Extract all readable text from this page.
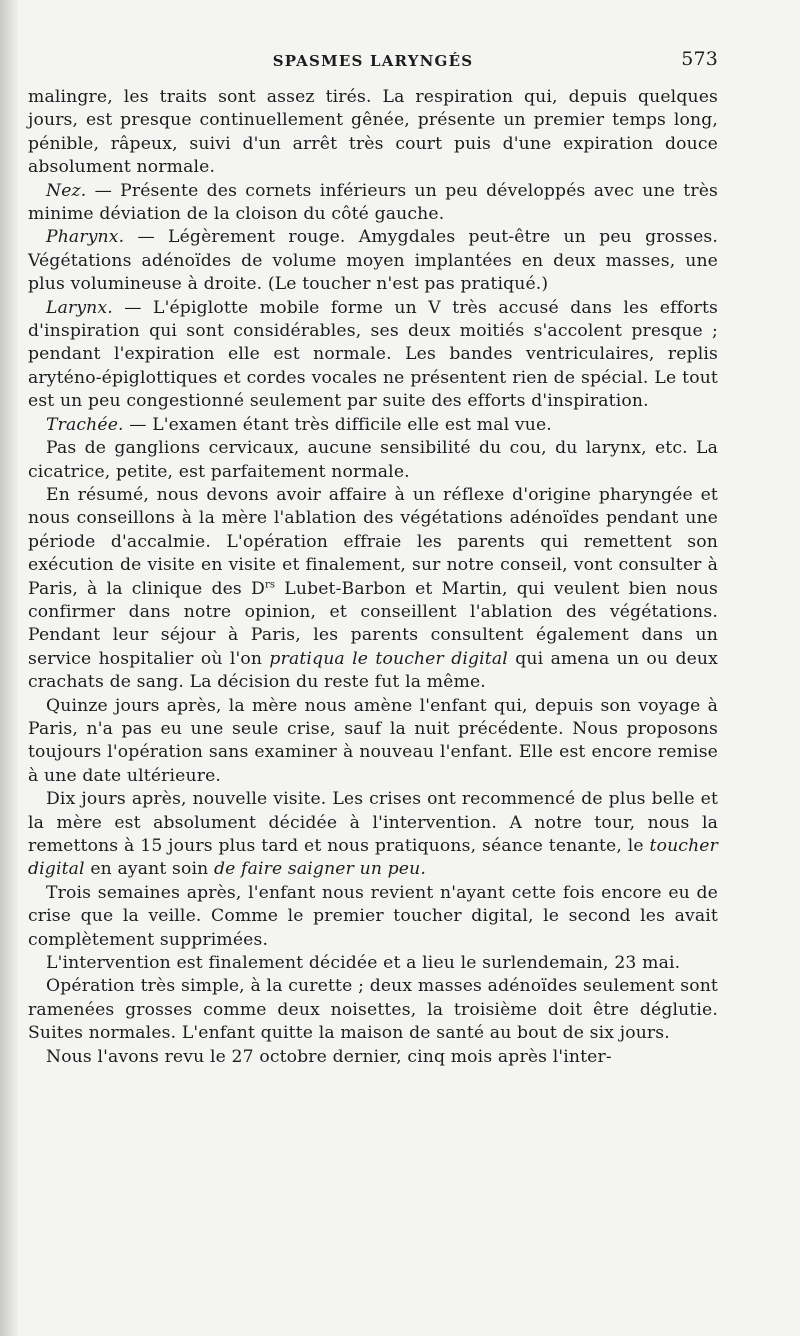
SPASMES LARYNGÉS	573

malingre, les traits sont assez tirés. La respiration qui, depuis quelques jours, est presque continuellement gênée, présente un premier temps long, pénible, râpeux, suivi d'un arrêt très court puis d'une expiration douce absolument normale.

Nez. — Présente des cornets inférieurs un peu développés avec une très minime déviation de la cloison du côté gauche.

Pharynx. — Légèrement rouge. Amygdales peut-être un peu grosses. Végétations adénoïdes de volume moyen implantées en deux masses, une plus volumineuse à droite. (Le toucher n'est pas pratiqué.)

Larynx. — L'épiglotte mobile forme un V très accusé dans les efforts d'inspiration qui sont considérables, ses deux moitiés s'accolent presque ; pendant l'expiration elle est normale. Les bandes ventriculaires, replis aryténo-épiglottiques et cordes vocales ne présentent rien de spécial. Le tout est un peu congestionné seulement par suite des efforts d'inspiration.

Trachée. — L'examen étant très difficile elle est mal vue.

Pas de ganglions cervicaux, aucune sensibilité du cou, du larynx, etc. La cicatrice, petite, est parfaitement normale.

En résumé, nous devons avoir affaire à un réflexe d'origine pharyngée et nous conseillons à la mère l'ablation des végétations adénoïdes pendant une période d'accalmie. L'opération effraie les parents qui remettent son exécution de visite en visite et finalement, sur notre conseil, vont consulter à Paris, à la clinique des $D^{rs}$ Lubet-Barbon et Martin, qui veulent bien nous confirmer dans notre opinion, et conseillent l'ablation des végétations. Pendant leur séjour à Paris, les parents consultent également dans un service hospitalier où l'on pratiqua le toucher digital qui amena un ou deux crachats de sang. La décision du reste fut la même.

Quinze jours après, la mère nous amène l'enfant qui, depuis son voyage à Paris, n'a pas eu une seule crise, sauf la nuit précédente. Nous proposons toujours l'opération sans examiner à nouveau l'enfant. Elle est encore remise à une date ultérieure.

Dix jours après, nouvelle visite. Les crises ont recommencé de plus belle et la mère est absolument décidée à l'intervention. A notre tour, nous la remettons à 15 jours plus tard et nous pratiquons, séance tenante, le toucher digital en ayant soin de faire saigner un peu.

Trois semaines après, l'enfant nous revient n'ayant cette fois encore eu de crise que la veille. Comme le premier toucher digital, le second les avait complètement supprimées.

L'intervention est finalement décidée et a lieu le surlendemain, 23 mai.

Opération très simple, à la curette ; deux masses adénoïdes seulement sont ramenées grosses comme deux noisettes, la troisième doit être déglutie. Suites normales. L'enfant quitte la maison de santé au bout de six jours.

Nous l'avons revu le 27 octobre dernier, cinq mois après l'inter-
